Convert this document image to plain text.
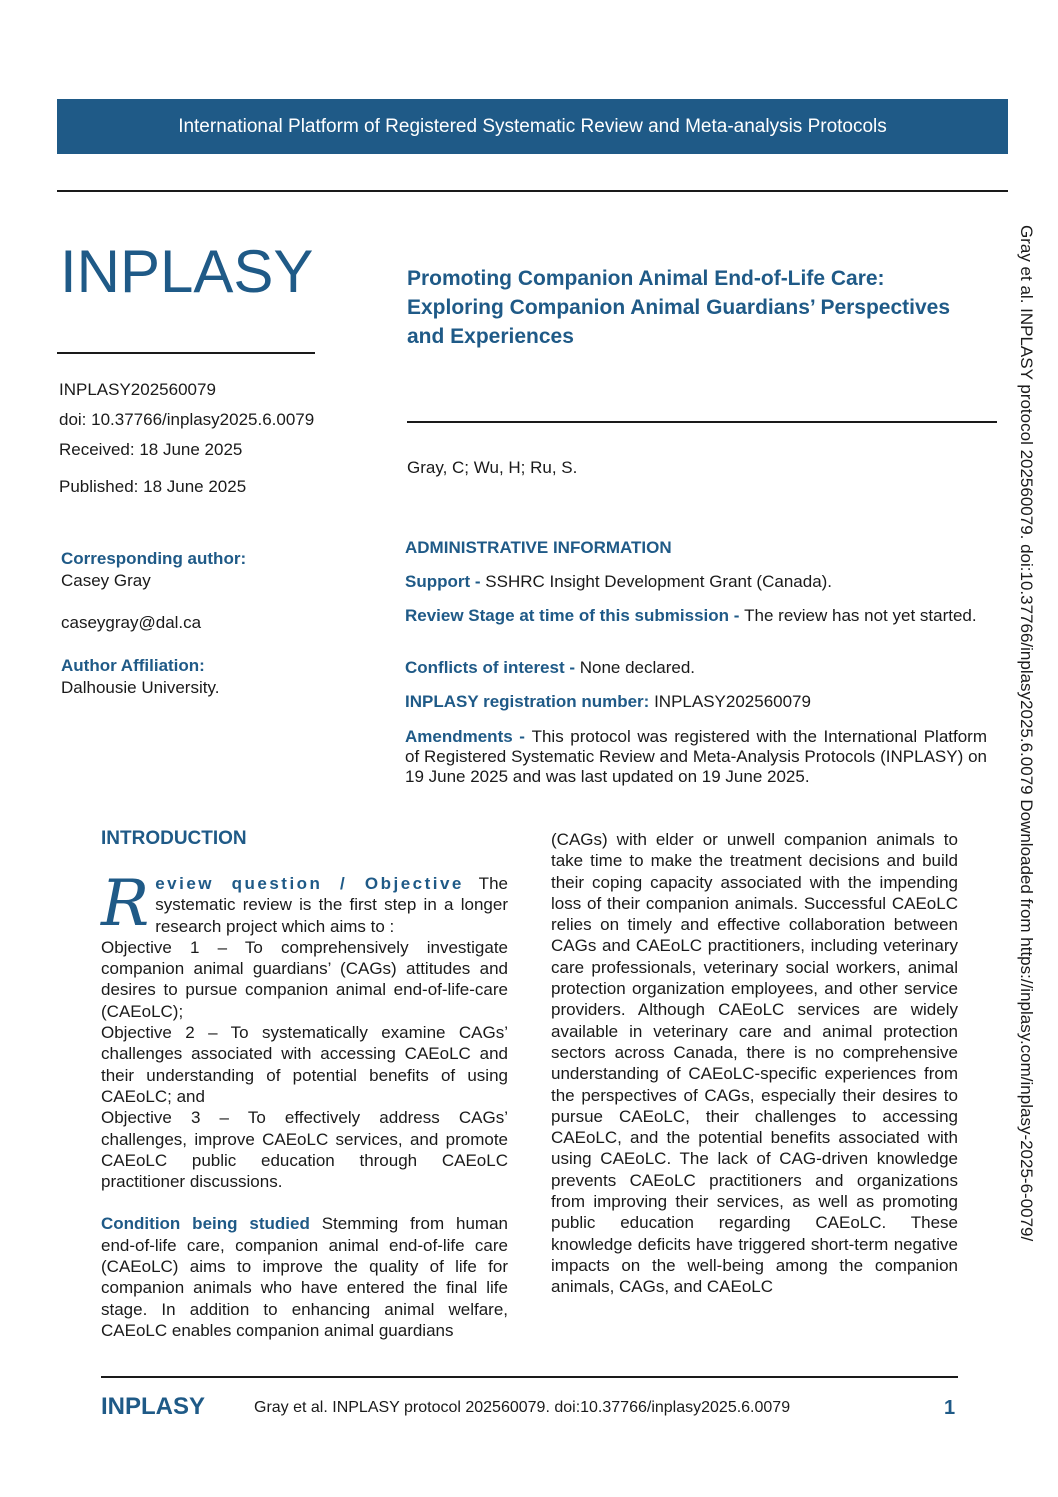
International Platform of Registered Systematic Review and Meta-analysis Protocols
INPLASY	Promoting Companion Animal End-of-Life Care: Exploring Companion Animal Guardians’ Perspectives and Experiences
INPLASY202560079
doi: 10.37766/inplasy2025.6.0079
Received: 18 June 2025
Published: 18 June 2025
Gray, C; Wu, H; Ru, S.
Corresponding author:
Casey Gray
caseygray@dal.ca
Author Affiliation:
Dalhousie University.
ADMINISTRATIVE INFORMATION
Support - SSHRC Insight Development Grant (Canada).
Review Stage at time of this submission - The review has not yet started.
Conflicts of interest - None declared.
INPLASY registration number: INPLASY202560079
Amendments - This protocol was registered with the International Platform of Registered Systematic Review and Meta-Analysis Protocols (INPLASY) on 19 June 2025 and was last updated on 19 June 2025.
INTRODUCTION

Review question / Objective The systematic review is the first step in a longer research project which aims to :

Objective 1 – To comprehensively investigate companion animal guardians’ (CAGs) attitudes and desires to pursue companion animal end-of-life-care (CAEoLC);

Objective 2 – To systematically examine CAGs’ challenges associated with accessing CAEoLC and their understanding of potential benefits of using CAEoLC; and

Objective 3 – To effectively address CAGs’ challenges, improve CAEoLC services, and promote CAEoLC public education through CAEoLC practitioner discussions.

Condition being studied Stemming from human end-of-life care, companion animal end-of-life care (CAEoLC) aims to improve the quality of life for companion animals who have entered the final life stage. In addition to enhancing animal welfare, CAEoLC enables companion animal guardians

(CAGs) with elder or unwell companion animals to take time to make the treatment decisions and build their coping capacity associated with the impending loss of their companion animals. Successful CAEoLC relies on timely and effective collaboration between CAGs and CAEoLC practitioners, including veterinary care professionals, veterinary social workers, animal protection organization employees, and other service providers. Although CAEoLC services are widely available in veterinary care and animal protection sectors across Canada, there is no comprehensive understanding of CAEoLC-specific experiences from the perspectives of CAGs, especially their desires to pursue CAEoLC, their challenges to accessing CAEoLC, and the potential benefits associated with using CAEoLC. The lack of CAG-driven knowledge prevents CAEoLC practitioners and organizations from improving their services, as well as promoting public education regarding CAEoLC. These knowledge deficits have triggered short-term negative impacts on the well-being among the companion animals, CAGs, and CAEoLC

Gray et al. INPLASY protocol 202560079. doi:10.37766/inplasy2025.6.0079 Downloaded from https://inplasy.com/inplasy-2025-6-0079/
INPLASY	Gray et al. INPLASY protocol 202560079. doi:10.37766/inplasy2025.6.0079	1
